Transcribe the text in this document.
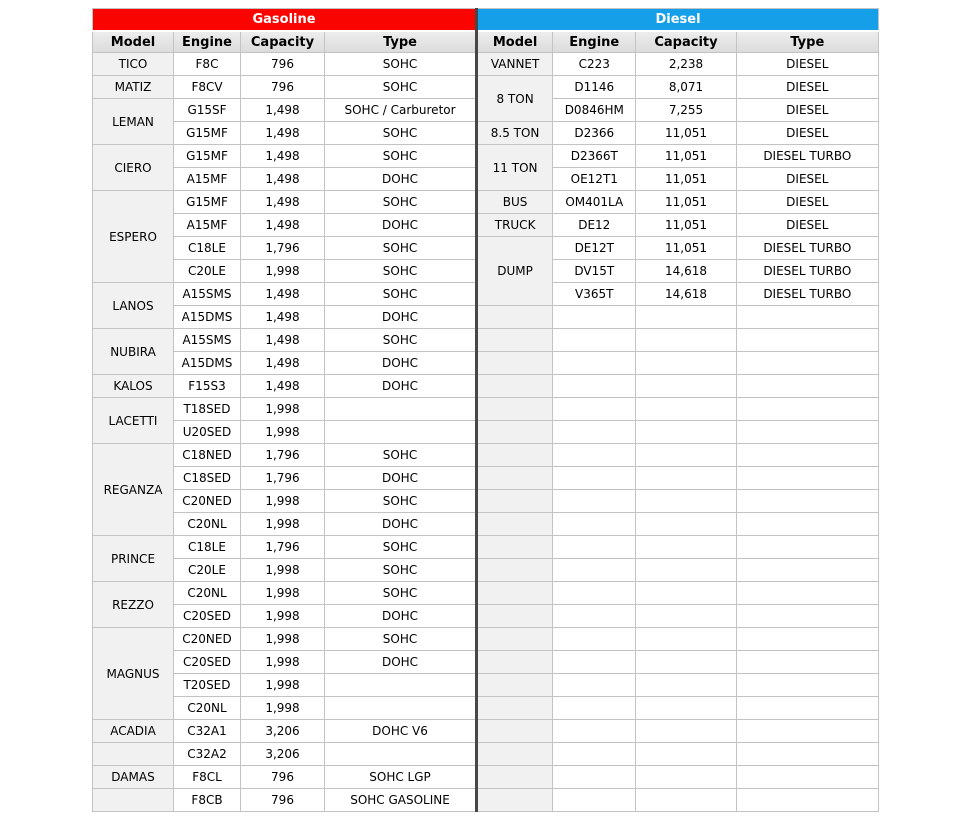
Gasoline			
Model	Engine	Capacity	Type
TICO	F8C	796	SOHC
MATIZ	F8CV	796	SOHC
LEMAN	G15SF	1,498	SOHC / Carburetor
	G15MF	1,498	SOHC
CIERO	G15MF	1,498	SOHC
	A15MF	1,498	DOHC
ESPERO	G15MF	1,498	SOHC
	A15MF	1,498	DOHC
	C18LE	1,796	SOHC
	C20LE	1,998	SOHC
LANOS	A15SMS	1,498	SOHC
	A15DMS	1,498	DOHC
NUBIRA	A15SMS	1,498	SOHC
	A15DMS	1,498	DOHC
KALOS	F15S3	1,498	DOHC
LACETTI	T18SED	1,998	
	U20SED	1,998	
REGANZA	C18NED	1,796	SOHC
	C18SED	1,796	DOHC
	C20NED	1,998	SOHC
	C20NL	1,998	DOHC
PRINCE	C18LE	1,796	SOHC
	C20LE	1,998	SOHC
REZZO	C20NL	1,998	SOHC
	C20SED	1,998	DOHC
MAGNUS	C20NED	1,998	SOHC
	C20SED	1,998	DOHC
	T20SED	1,998	
	C20NL	1,998	
ACADIA	C32A1	3,206	DOHC V6
	C32A2	3,206	
DAMAS	F8CL	796	SOHC LGP
	F8CB	796	SOHC GASOLINE
Diesel			
Model	Engine	Capacity	Type
VANNET	C223	2,238	DIESEL
8 TON	D1146	8,071	DIESEL
	D0846HM	7,255	DIESEL
8.5 TON	D2366	11,051	DIESEL
11 TON	D2366T	11,051	DIESEL TURBO
	OE12T1	11,051	DIESEL
BUS	OM401LA	11,051	DIESEL
TRUCK	DE12	11,051	DIESEL
DUMP	DE12T	11,051	DIESEL TURBO
	DV15T	14,618	DIESEL TURBO
	V365T	14,618	DIESEL TURBO
